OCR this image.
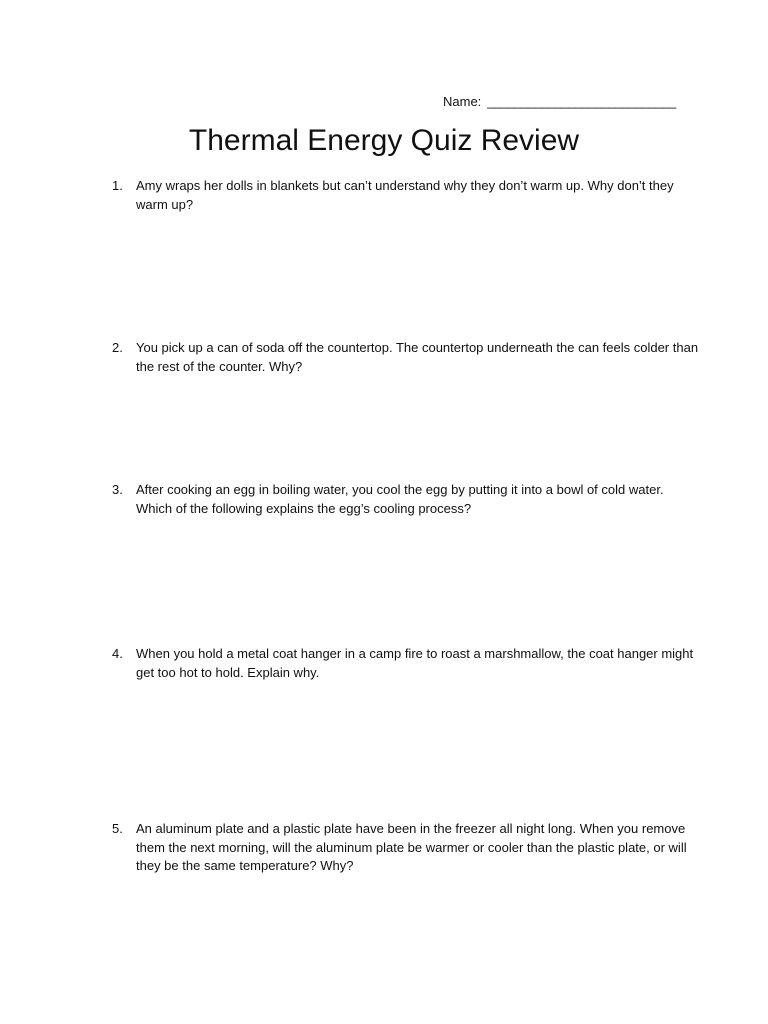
Name: ____________________________
Thermal Energy Quiz Review
1.	Amy wraps her dolls in blankets but can’t understand why they don’t warm up. Why don’t they warm up?
2.	You pick up a can of soda off the countertop. The countertop underneath the can feels colder than the rest of the counter. Why?
3.	After cooking an egg in boiling water, you cool the egg by putting it into a bowl of cold water. Which of the following explains the egg’s cooling process?
4.	When you hold a metal coat hanger in a camp fire to roast a marshmallow, the coat hanger might get too hot to hold. Explain why.
5.	An aluminum plate and a plastic plate have been in the freezer all night long. When you remove them the next morning, will the aluminum plate be warmer or cooler than the plastic plate, or will they be the same temperature? Why?
